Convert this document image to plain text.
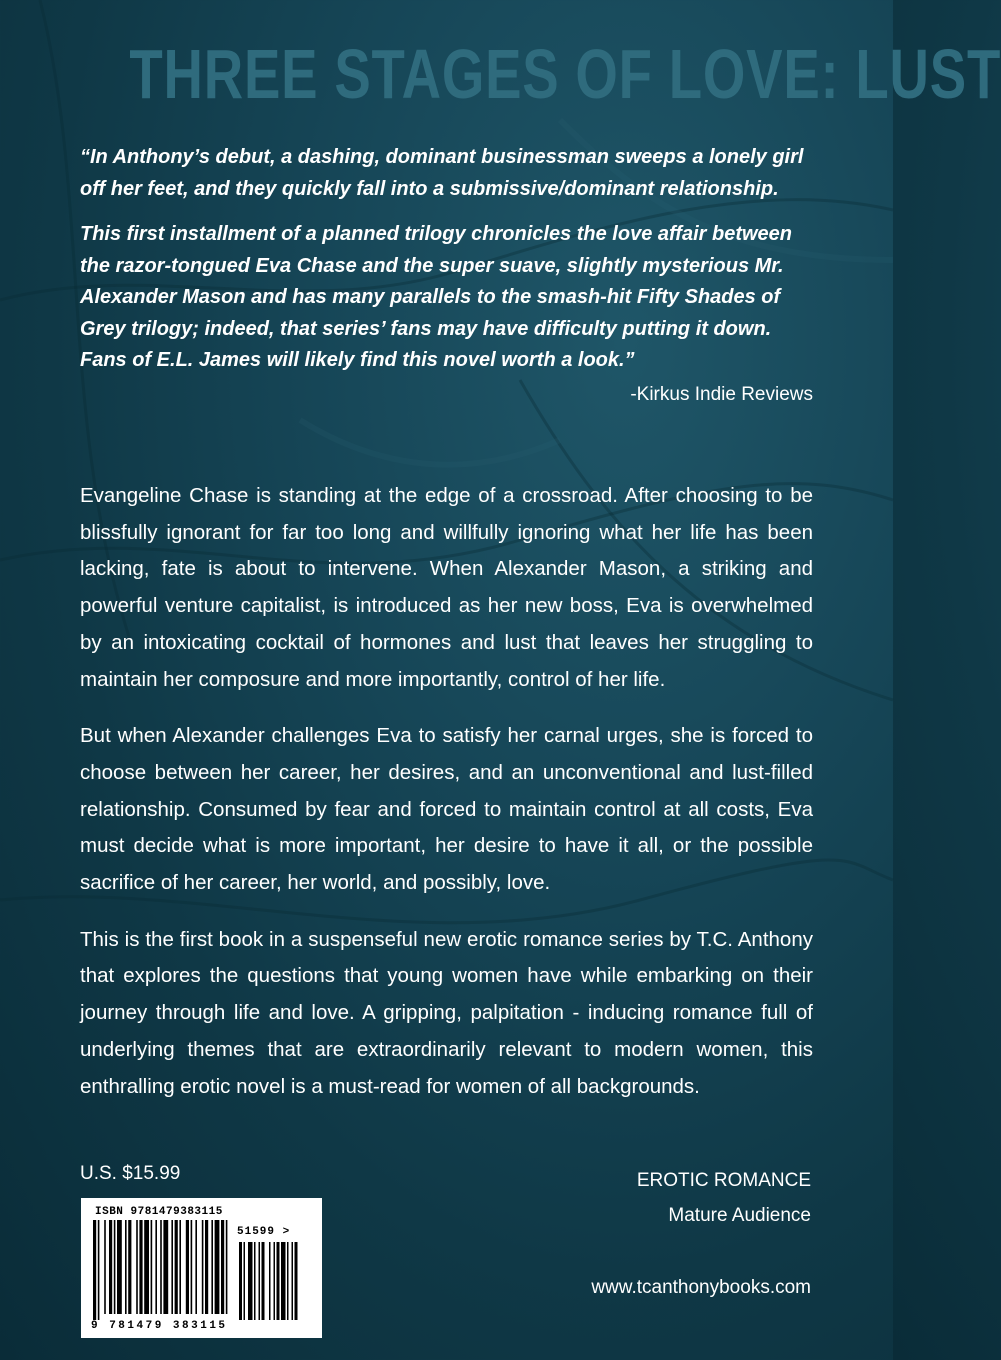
THREE STAGES OF LOVE: LUST

“In Anthony’s debut, a dashing, dominant businessman sweeps a lonely girl off her feet, and they quickly fall into a submissive/dominant relationship.

This first installment of a planned trilogy chronicles the love affair between the razor-tongued Eva Chase and the super suave, slightly mysterious Mr. Alexander Mason and has many parallels to the smash-hit Fifty Shades of Grey trilogy; indeed, that series’ fans may have difficulty putting it down. Fans of E.L. James will likely find this novel worth a look.”

-Kirkus Indie Reviews

Evangeline Chase is standing at the edge of a crossroad. After choosing to be blissfully ignorant for far too long and willfully ignoring what her life has been lacking, fate is about to intervene. When Alexander Mason, a striking and powerful venture capitalist, is introduced as her new boss, Eva is overwhelmed by an intoxicating cocktail of hormones and lust that leaves her struggling to maintain her composure and more importantly, control of her life.

But when Alexander challenges Eva to satisfy her carnal urges, she is forced to choose between her career, her desires, and an unconventional and lust-filled relationship. Consumed by fear and forced to maintain control at all costs, Eva must decide what is more important, her desire to have it all, or the possible sacrifice of her career, her world, and possibly, love.

This is the first book in a suspenseful new erotic romance series by T.C. Anthony that explores the questions that young women have while embarking on their journey through life and love. A gripping, palpitation - inducing romance full of underlying themes that are extraordinarily relevant to modern women, this enthralling erotic novel is a must-read for women of all backgrounds.

U.S. $15.99	EROTIC ROMANCE
Mature Audience
www.tcanthonybooks.com
ISBN 9781479383115
51599 >
9 781479 383115
